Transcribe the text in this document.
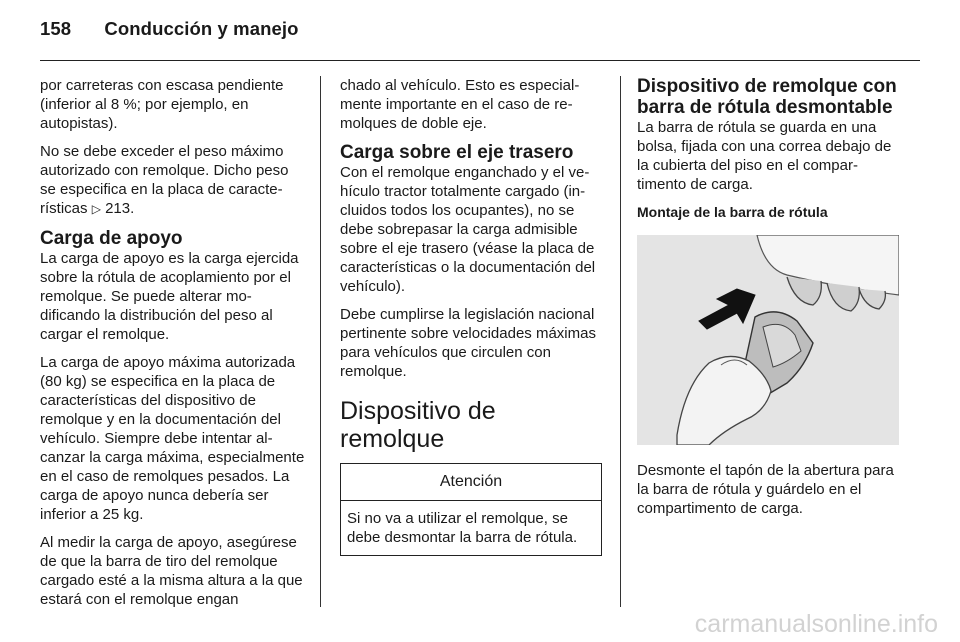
158 Conducción y manejo

por carreteras con escasa pendiente (inferior al 8 %; por ejemplo, en autopistas).

No se debe exceder el peso máximo autorizado con remolque. Dicho peso se especifica en la placa de características ▷ 213.

Carga de apoyo

La carga de apoyo es la carga ejercida sobre la rótula de acoplamiento por el remolque. Se puede alterar modificando la distribución del peso al cargar el remolque.

La carga de apoyo máxima autorizada (80 kg) se especifica en la placa de características del dispositivo de remolque y en la documentación del vehículo. Siempre debe intentar alcanzar la carga máxima, especialmente en el caso de remolques pesados. La carga de apoyo nunca debería ser inferior a 25 kg.

Al medir la carga de apoyo, asegúrese de que la barra de tiro del remolque cargado esté a la misma altura a la que estará con el remolque engan

chado al vehículo. Esto es especialmente importante en el caso de remolques de doble eje.

Carga sobre el eje trasero

Con el remolque enganchado y el vehículo tractor totalmente cargado (incluidos todos los ocupantes), no se debe sobrepasar la carga admisible sobre el eje trasero (véase la placa de características o la documentación del vehículo).

Debe cumplirse la legislación nacional pertinente sobre velocidades máximas para vehículos que circulen con remolque.

Dispositivo de remolque
Atención
Si no va a utilizar el remolque, se debe desmontar la barra de rótula.
Dispositivo de remolque con barra de rótula desmontable

La barra de rótula se guarda en una bolsa, fijada con una correa debajo de la cubierta del piso en el compartimento de carga.

Montaje de la barra de rótula

Desmonte el tapón de la abertura para la barra de rótula y guárdelo en el compartimento de carga.

carmanualsonline.info
